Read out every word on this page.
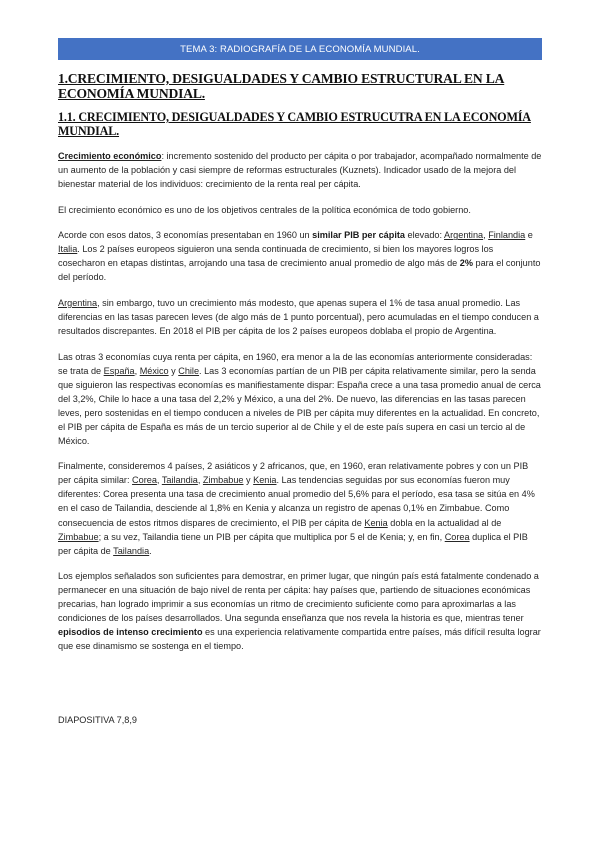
TEMA 3: RADIOGRAFÍA DE LA ECONOMÍA MUNDIAL.
1.CRECIMIENTO, DESIGUALDADES Y CAMBIO ESTRUCTURAL EN LA ECONOMÍA MUNDIAL.
1.1. CRECIMIENTO, DESIGUALDADES Y CAMBIO ESTRUCUTRA EN LA ECONOMÍA MUNDIAL.

Crecimiento económico: incremento sostenido del producto per cápita o por trabajador, acompañado normalmente de un aumento de la población y casi siempre de reformas estructurales (Kuznets). Indicador usado de la mejora del bienestar material de los individuos: crecimiento de la renta real per cápita.

El crecimiento económico es uno de los objetivos centrales de la política económica de todo gobierno.

Acorde con esos datos, 3 economías presentaban en 1960 un similar PIB per cápita elevado: Argentina, Finlandia e Italia. Los 2 países europeos siguieron una senda continuada de crecimiento, si bien los mayores logros los cosecharon en etapas distintas, arrojando una tasa de crecimiento anual promedio de algo más de 2% para el conjunto del período.

Argentina, sin embargo, tuvo un crecimiento más modesto, que apenas supera el 1% de tasa anual promedio. Las diferencias en las tasas parecen leves (de algo más de 1 punto porcentual), pero acumuladas en el tiempo conducen a resultados discrepantes. En 2018 el PIB per cápita de los 2 países europeos doblaba el propio de Argentina.

Las otras 3 economías cuya renta per cápita, en 1960, era menor a la de las economías anteriormente consideradas: se trata de España, México y Chile. Las 3 economías partían de un PIB per cápita relativamente similar, pero la senda que siguieron las respectivas economías es manifiestamente dispar: España crece a una tasa promedio anual de cerca del 3,2%, Chile lo hace a una tasa del 2,2% y México, a una del 2%. De nuevo, las diferencias en las tasas parecen leves, pero sostenidas en el tiempo conducen a niveles de PIB per cápita muy diferentes en la actualidad. En concreto, el PIB per cápita de España es más de un tercio superior al de Chile y el de este país supera en casi un tercio al de México.

Finalmente, consideremos 4 países, 2 asiáticos y 2 africanos, que, en 1960, eran relativamente pobres y con un PIB per cápita similar: Corea, Tailandia, Zimbabue y Kenia. Las tendencias seguidas por sus economías fueron muy diferentes: Corea presenta una tasa de crecimiento anual promedio del 5,6% para el período, esa tasa se sitúa en 4% en el caso de Tailandia, desciende al 1,8% en Kenia y alcanza un registro de apenas 0,1% en Zimbabue. Como consecuencia de estos ritmos dispares de crecimiento, el PIB per cápita de Kenia dobla en la actualidad al de Zimbabue; a su vez, Tailandia tiene un PIB per cápita que multiplica por 5 el de Kenia; y, en fin, Corea duplica el PIB per cápita de Tailandia.

Los ejemplos señalados son suficientes para demostrar, en primer lugar, que ningún país está fatalmente condenado a permanecer en una situación de bajo nivel de renta per cápita: hay países que, partiendo de situaciones económicas precarias, han logrado imprimir a sus economías un ritmo de crecimiento suficiente como para aproximarlas a las condiciones de los países desarrollados. Una segunda enseñanza que nos revela la historia es que, mientras tener episodios de intenso crecimiento es una experiencia relativamente compartida entre países, más difícil resulta lograr que ese dinamismo se sostenga en el tiempo.

DIAPOSITIVA 7,8,9
